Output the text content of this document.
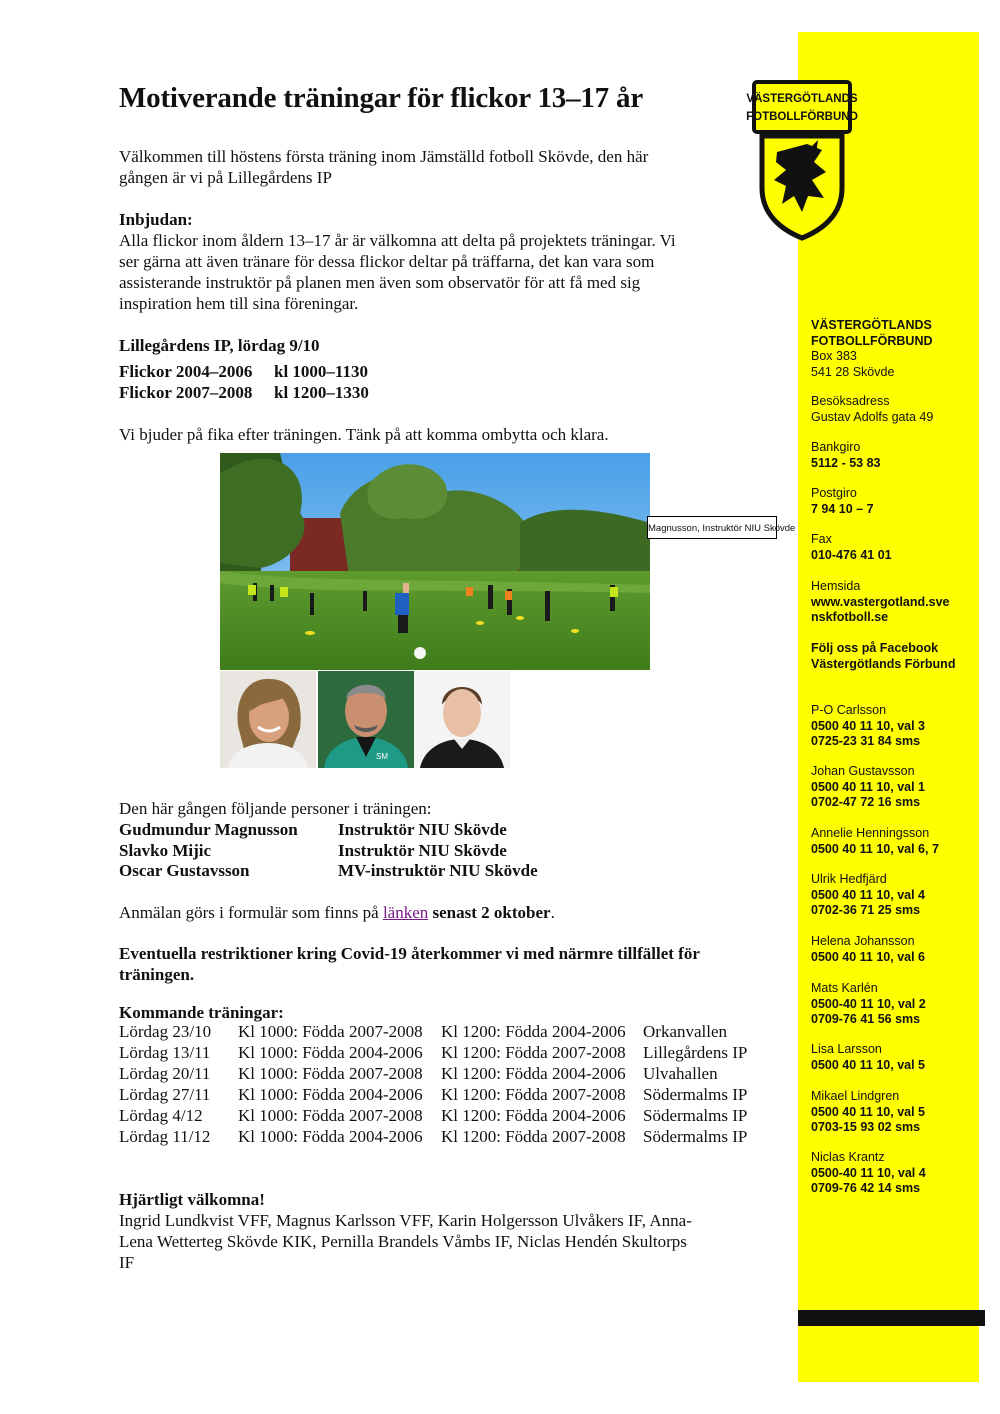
VÄSTERGÖTLANDS
FOTBOLLFÖRBUND
VÄSTERGÖTLANDS
FOTBOLLFÖRBUND
Box 383
541 28 Skövde
Besöksadress
Gustav Adolfs gata 49
Bankgiro
5112 - 53 83
Postgiro
7 94 10 – 7
Fax
010-476 41 01
Hemsida
www.vastergotland.sve
nskfotboll.se
Följ oss på Facebook
Västergötlands Förbund
P-O Carlsson
0500 40 11 10, val 3
0725-23 31 84 sms
Johan Gustavsson
0500 40 11 10, val 1
0702-47 72 16 sms
Annelie Henningsson
0500 40 11 10, val 6, 7
Ulrik Hedfjärd
0500 40 11 10, val 4
0702-36 71 25 sms
Helena Johansson
0500 40 11 10, val 6
Mats Karlén
0500-40 11 10, val 2
0709-76 41 56 sms
Lisa Larsson
0500 40 11 10, val 5
Mikael Lindgren
0500 40 11 10, val 5
0703-15 93 02 sms
Niclas Krantz
0500-40 11 10, val 4
0709-76 42 14 sms
Motiverande träningar för flickor 13–17 år
Välkommen till höstens första träning inom Jämställd fotboll Skövde, den här
gången är vi på Lillegårdens IP
Inbjudan:
Alla flickor inom åldern 13–17 år är välkomna att delta på projektets träningar. Vi
ser gärna att även tränare för dessa flickor deltar på träffarna, det kan vara som
assisterande instruktör på planen men även som observatör för att få med sig
inspiration hem till sina föreningar.
Lillegårdens IP, lördag 9/10
Flickor 2004–2006 kl 1000–1130
Flickor 2007–2008 kl 1200–1330
Vi bjuder på fika efter träningen. Tänk på att komma ombytta och klara.
Magnusson, Instruktör NIU Skövde
SM
Den här gången följande personer i träningen:
Gudmundur Magnusson Instruktör NIU Skövde
Slavko Mijic	Instruktör NIU Skövde
Oscar Gustavsson	MV-instruktör NIU Skövde
Anmälan görs i formulär som finns på länken senast 2 oktober.
Eventuella restriktioner kring Covid-19 återkommer vi med närmre tillfället för
träningen.
Kommande träningar:
Lördag 23/10	Kl 1000: Födda 2007-2008	Kl 1200: Födda 2004-2006	Orkanvallen
Lördag 13/11	Kl 1000: Födda 2004-2006	Kl 1200: Födda 2007-2008	Lillegårdens IP
Lördag 20/11	Kl 1000: Födda 2007-2008	Kl 1200: Födda 2004-2006	Ulvahallen
Lördag 27/11	Kl 1000: Födda 2004-2006	Kl 1200: Födda 2007-2008	Södermalms IP
Lördag 4/12	Kl 1000: Födda 2007-2008	Kl 1200: Födda 2004-2006	Södermalms IP
Lördag 11/12	Kl 1000: Födda 2004-2006	Kl 1200: Födda 2007-2008	Södermalms IP
Hjärtligt välkomna!
Ingrid Lundkvist VFF, Magnus Karlsson VFF, Karin Holgersson Ulvåkers IF, Anna-
Lena Wetterteg Skövde KIK, Pernilla Brandels Våmbs IF, Niclas Hendén Skultorps
IF
